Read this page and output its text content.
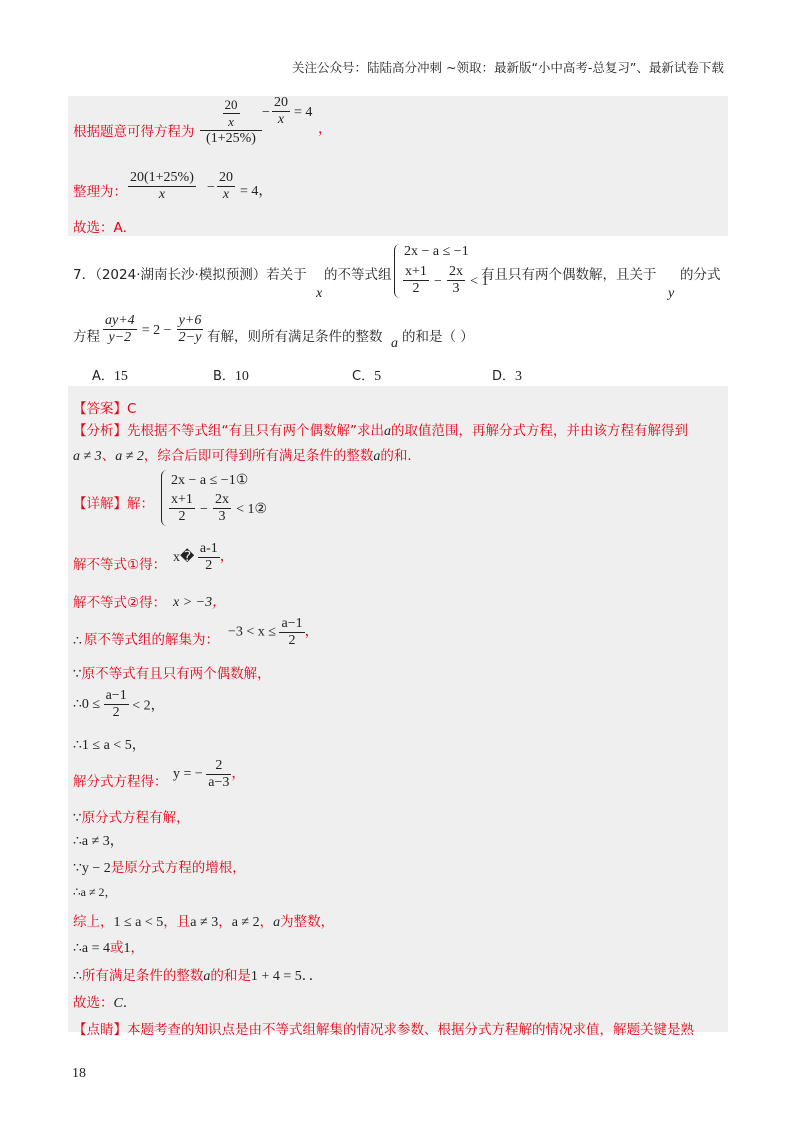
关注公众号：陆陆高分冲刺 ~领取：最新版“小中高考-总复习”、最新试卷下载
根据题意可得方程为 $\frac{\frac{20}{x}}{(1+25\%)} - \frac{20}{x} = 4$
，
整理为： $\frac{20(1+25\%)}{x} - \frac{20}{x} = 4$，
故选：A．
7．（2024·湖南长沙·模拟预测）若关于
x
的不等式组
2x − a ≤ −1
$\frac{x+1}{2} - \frac{2x}{3} < 1$
有且只有两个偶数解，且关于
y
的分式
方程 $\frac{ay+4}{y-2} = 2 - \frac{y+6}{2-y}$ 有解，则所有满足条件的整数 a 的和是（ ）
A．15	B．10	C．5	D．3
【答案】C
【分析】先根据不等式组“有且只有两个偶数解”求出a的取值范围，再解分式方程，并由该方程有解得到
a ≠ 3、a ≠ 2，综合后即可得到所有满足条件的整数a的和．
【详解】解：
2x − a ≤ −1①
$\frac{x+1}{2} - \frac{2x}{3}$ < 1②
解不等式①得： x� $\frac{a-1}{2}$ ，
解不等式②得： x > −3，
∴ 原不等式组的解集为： $-3 < x \le \frac{a-1}{2}$ ，
∵原不等式有且只有两个偶数解，
∴0 ≤ $\frac{a-1}{2} < 2$，
∴1 ≤ a < 5，
解分式方程得： y = − $\frac{2}{a-3}$ ，
∵原分式方程有解，
∴a ≠ 3，
∵y − 2是原分式方程的增根，
∴a ≠ 2，
综上，1 ≤ a < 5，且a ≠ 3，a ≠ 2，a为整数，
∴a = 4或1，
∴所有满足条件的整数a的和是1 + 4 = 5．．
故选：C．
【点睛】本题考查的知识点是由不等式组解集的情况求参数、根据分式方程解的情况求值，解题关键是熟
18
